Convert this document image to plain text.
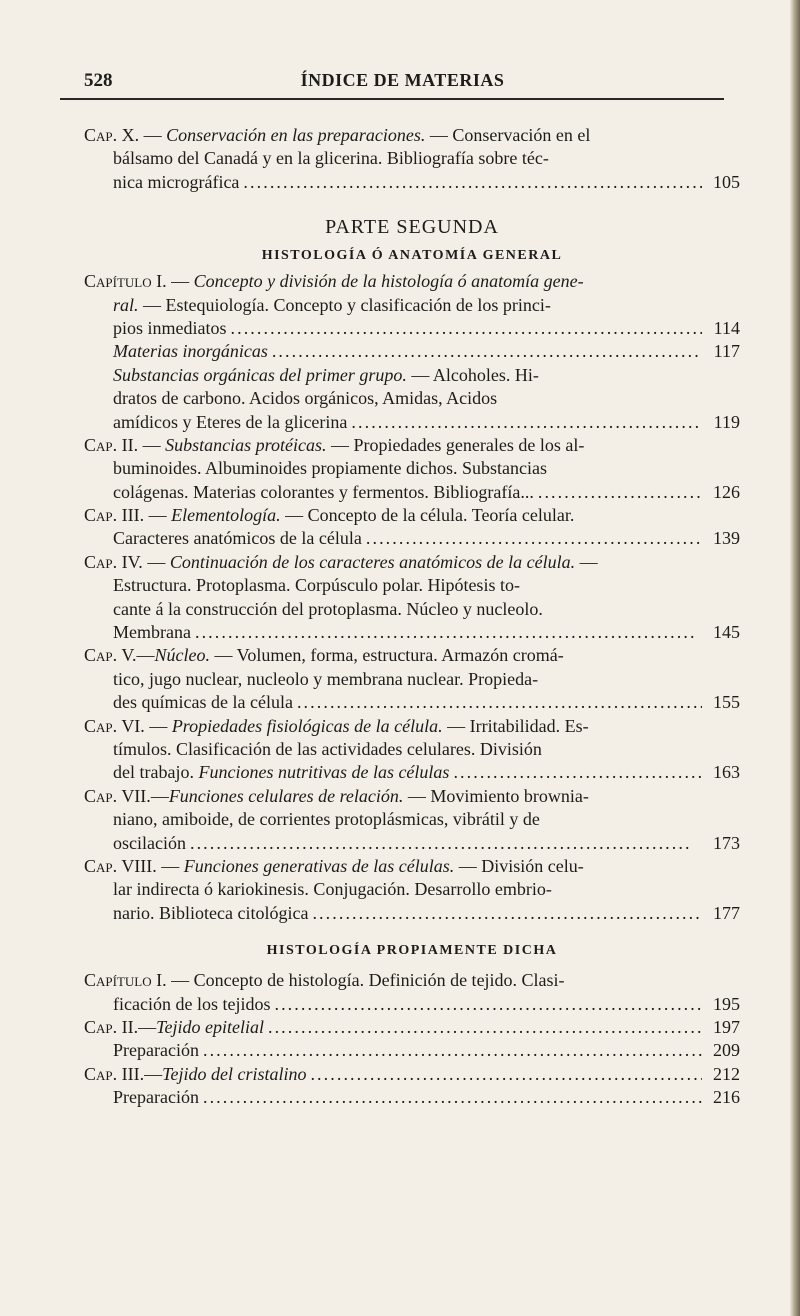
528	ÍNDICE DE MATERIAS
Cap. X. — Conservación en las preparaciones. — Conservación en el
bálsamo del Canadá y en la glicerina. Bibliografía sobre téc-
nica micrográfica . . .	105
PARTE SEGUNDA
HISTOLOGÍA Ó ANATOMÍA GENERAL
Capítulo I. — Concepto y división de la histología ó anatomía gene-
ral. — Estequiología. Concepto y clasificación de los princi-
pios inmediatos . . .	114
Materias inorgánicas . . .	117
Substancias orgánicas del primer grupo. — Alcoholes. Hi-
dratos de carbono. Acidos orgánicos, Amidas, Acidos
amídicos y Eteres de la glicerina . . .	119
Cap. II. — Substancias protéicas. — Propiedades generales de los al-
buminoides. Albuminoides propiamente dichos. Substancias
colágenas. Materias colorantes y fermentos. Bibliografía... . . .	126
Cap. III. — Elementología. — Concepto de la célula. Teoría celular.
Caracteres anatómicos de la célula . . .	139
Cap. IV. — Continuación de los caracteres anatómicos de la célula. —
Estructura. Protoplasma. Corpúsculo polar. Hipótesis to-
cante á la construcción del protoplasma. Núcleo y nucleolo.
Membrana . . .	145
Cap. V.—Núcleo. — Volumen, forma, estructura. Armazón cromá-
tico, jugo nuclear, nucleolo y membrana nuclear. Propieda-
des químicas de la célula . . .	155
Cap. VI. — Propiedades fisiológicas de la célula. — Irritabilidad. Es-
tímulos. Clasificación de las actividades celulares. División
del trabajo. Funciones nutritivas de las células . . .	163
Cap. VII.—Funciones celulares de relación. — Movimiento brownia-
niano, amiboide, de corrientes protoplásmicas, vibrátil y de
oscilación . . .	173
Cap. VIII. — Funciones generativas de las células. — División celu-
lar indirecta ó kariokinesis. Conjugación. Desarrollo embrio-
nario. Biblioteca citológica . . .	177
HISTOLOGÍA PROPIAMENTE DICHA
Capítulo I. — Concepto de histología. Definición de tejido. Clasi-
ficación de los tejidos . . .	195
Cap. II.—Tejido epitelial . . .	197
Preparación . . .	209
Cap. III.—Tejido del cristalino . . .	212
Preparación . . .	216
